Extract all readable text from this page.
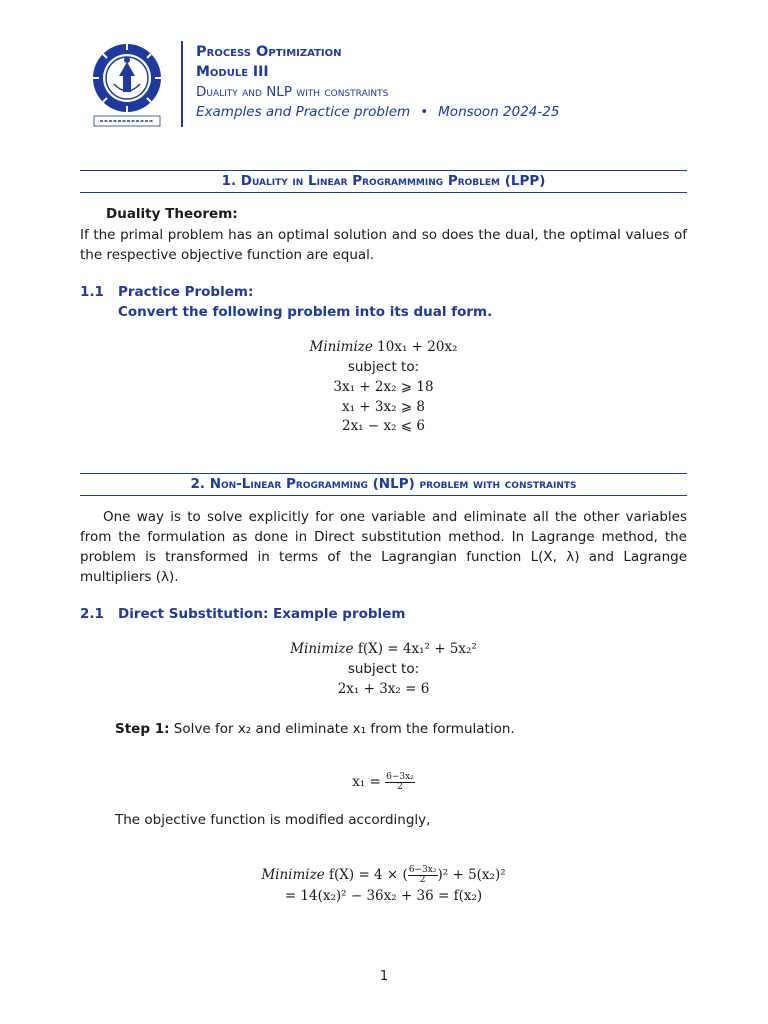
Process Optimization
Module III
Duality and NLP with constraints
Examples and Practice problem • Monsoon 2024-25
1. Duality in Linear Programmming Problem (LPP)
Duality Theorem:
If the primal problem has an optimal solution and so does the dual, the optimal values of the respective objective function are equal.
1.1 Practice Problem:
Convert the following problem into its dual form.
Minimize 10x₁ + 20x₂
subject to:
3x₁ + 2x₂ ⩾ 18
x₁ + 3x₂ ⩾ 8
2x₁ − x₂ ⩽ 6
2. Non-Linear Programming (NLP) problem with constraints
One way is to solve explicitly for one variable and eliminate all the other variables from the formulation as done in Direct substitution method. In Lagrange method, the problem is transformed in terms of the Lagrangian function L(X, λ) and Lagrange multipliers (λ).
2.1 Direct Substitution: Example problem
Minimize f(X) = 4x₁² + 5x₂²
subject to:
2x₁ + 3x₂ = 6
Step 1: Solve for x₂ and eliminate x₁ from the formulation.
$x_1 = \frac{\text{6−3x₂}}{2}$
The objective function is modified accordingly,
Minimize f(X) = 4 × ( $\frac{\text{6−3x₂}}{2} )^2 + 5(x_2)^2$
= 14(x₂)² − 36x₂ + 36 = f(x₂)
1
